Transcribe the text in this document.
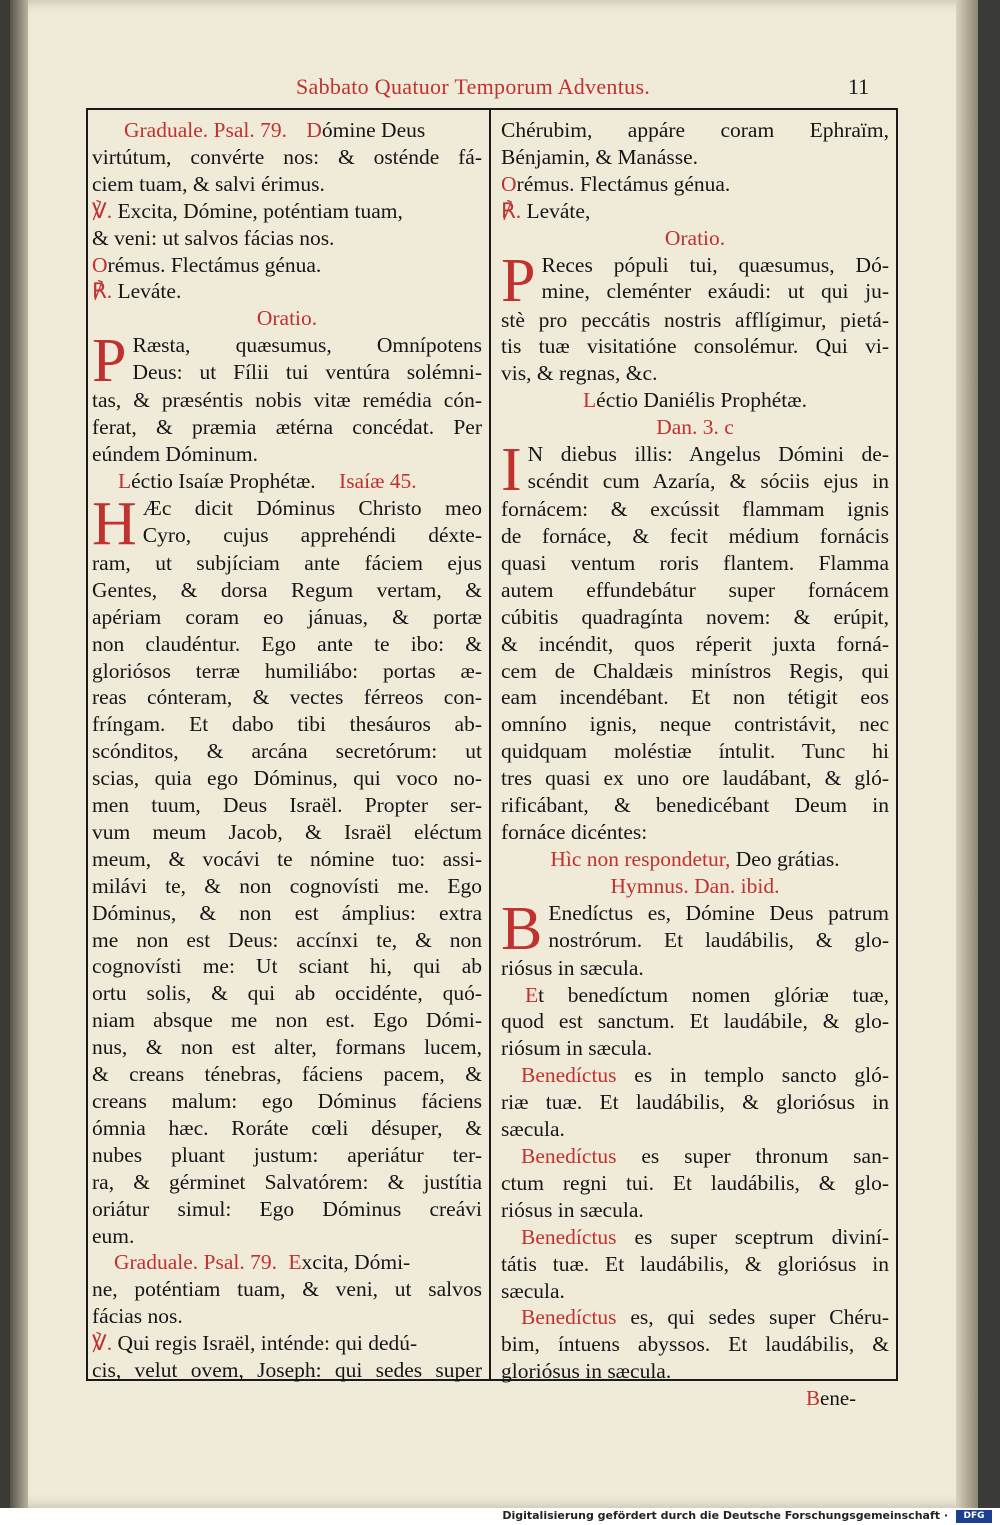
Sabbato Quatuor Temporum Adventus.	11

Graduale. Psal. 79. Dómine Deus

virtútum, convérte nos: & osténde fá-

ciem tuam, & salvi érimus.

℣. Excita, Dómine, poténtiam tuam,

& veni: ut salvos fácias nos.

Orémus. Flectámus génua.

℟. Leváte.

Oratio.

P Ræsta, quæsumus, Omnípotens

Deus: ut Fílii tui ventúra solémni-

tas, & præséntis nobis vitæ remédia cón-

ferat, & præmia ætérna concédat. Per

eúndem Dóminum.

Léctio Isaíæ Prophétæ. Isaíæ 45.

H Æc dicit Dóminus Christo meo

Cyro, cujus apprehéndi déxte-

ram, ut subjíciam ante fáciem ejus

Gentes, & dorsa Regum vertam, &

apériam coram eo jánuas, & portæ

non claudéntur. Ego ante te ibo: &

gloriósos terræ humiliábo: portas æ-

reas cónteram, & vectes férreos con-

fríngam. Et dabo tibi thesáuros ab-

scónditos, & arcána secretórum: ut

scias, quia ego Dóminus, qui voco no-

men tuum, Deus Israël. Propter ser-

vum meum Jacob, & Israël eléctum

meum, & vocávi te nómine tuo: assi-

milávi te, & non cognovísti me. Ego

Dóminus, & non est ámplius: extra

me non est Deus: accínxi te, & non

cognovísti me: Ut sciant hi, qui ab

ortu solis, & qui ab occidénte, quó-

niam absque me non est. Ego Dómi-

nus, & non est alter, formans lucem,

& creans ténebras, fáciens pacem, &

creans malum: ego Dóminus fáciens

ómnia hæc. Roráte cœli désuper, &

nubes pluant justum: aperiátur ter-

ra, & gérminet Salvatórem: & justítia

oriátur simul: Ego Dóminus creávi

eum.

Graduale. Psal. 79. Excita, Dómi-

ne, poténtiam tuam, & veni, ut salvos

fácias nos.

℣. Qui regis Israël, inténde: qui dedú-

cis, velut ovem, Joseph: qui sedes super

Chérubim, appáre coram Ephraïm,

Bénjamin, & Manásse.

Orémus. Flectámus génua.

℟. Leváte,

Oratio.

P Reces pópuli tui, quæsumus, Dó-

mine, cleménter exáudi: ut qui ju-

stè pro peccátis nostris afflígimur, pietá-

tis tuæ visitatióne consolémur. Qui vi-

vis, & regnas, &c.

Léctio Daniélis Prophétæ.

Dan. 3. c

I N diebus illis: Angelus Dómini de-

scéndit cum Azaría, & sóciis ejus in

fornácem: & excússit flammam ignis

de fornáce, & fecit médium fornácis

quasi ventum roris flantem. Flamma

autem effundebátur super fornácem

cúbitis quadragínta novem: & erúpit,

& incéndit, quos réperit juxta forná-

cem de Chaldæis minístros Regis, qui

eam incendébant. Et non tétigit eos

omníno ignis, neque contristávit, nec

quidquam moléstiæ íntulit. Tunc hi

tres quasi ex uno ore laudábant, & gló-

rificábant, & benedicébant Deum in

fornáce dicéntes:

Hìc non respondetur, Deo grátias.

Hymnus. Dan. ibid.

B Enedíctus es, Dómine Deus patrum

nostrórum. Et laudábilis, & glo-

riósus in sæcula.

Et benedíctum nomen glóriæ tuæ,

quod est sanctum. Et laudábile, & glo-

riósum in sæcula.

Benedíctus es in templo sancto gló-

riæ tuæ. Et laudábilis, & gloriósus in

sæcula.

Benedíctus es super thronum san-

ctum regni tui. Et laudábilis, & glo-

riósus in sæcula.

Benedíctus es super sceptrum diviní-

tátis tuæ. Et laudábilis, & gloriósus in

sæcula.

Benedíctus es, qui sedes super Chéru-

bim, íntuens abyssos. Et laudábilis, &

gloriósus in sæcula.

Bene-
Digitalisierung gefördert durch die Deutsche Forschungsgemeinschaft ·	DFG
